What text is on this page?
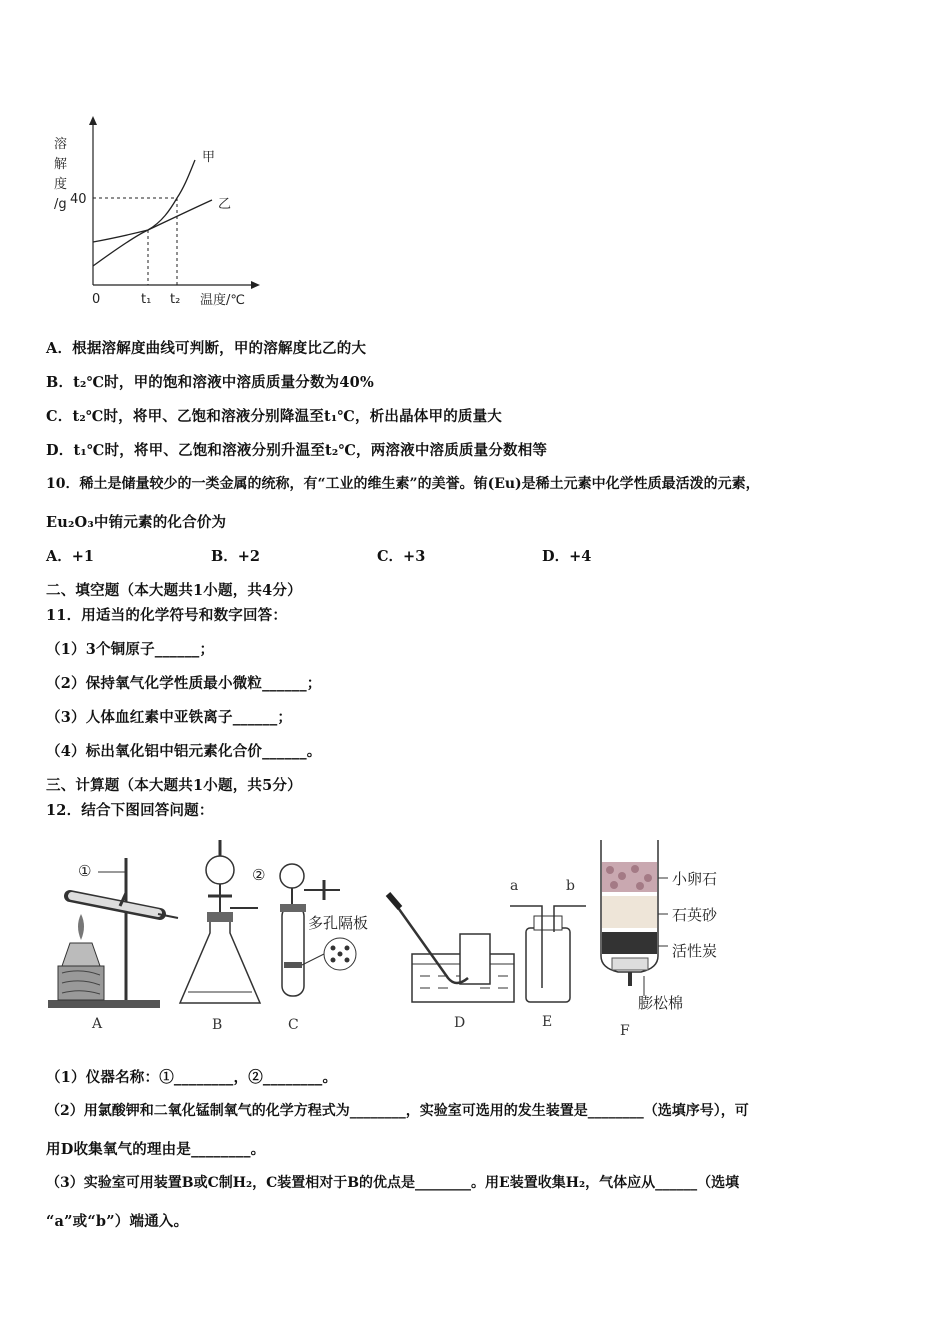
溶
解
度
/g 40
0	t₁ t₂ 温度/℃
甲
乙
A．根据溶解度曲线可判断，甲的溶解度比乙的大
B．t₂℃时，甲的饱和溶液中溶质质量分数为40%
C．t₂℃时，将甲、乙饱和溶液分别降温至t₁℃，析出晶体甲的质量大
D．t₁℃时，将甲、乙饱和溶液分别升温至t₂℃，两溶液中溶质质量分数相等
10．稀土是储量较少的一类金属的统称，有“工业的维生素”的美誉。铕(Eu)是稀土元素中化学性质最活泼的元素，
Eu₂O₃中铕元素的化合价为
A．+1	B．+2	C．+3	D．+4
二、填空题（本大题共1小题，共4分）
11．用适当的化学符号和数字回答：
（1）3个铜原子______；
（2）保持氧气化学性质最小微粒______；
（3）人体血红素中亚铁离子______；
（4）标出氧化铝中铝元素化合价______。
三、计算题（本大题共1小题，共5分）
12．结合下图回答问题：
①
A	B
多孔隔板
②
C	D
a	b
E
小卵石
石英砂
活性炭
膨松棉
F
（1）仪器名称：①________，②________。
（2）用氯酸钾和二氧化锰制氧气的化学方程式为________，实验室可选用的发生装置是________（选填序号），可
用D收集氧气的理由是________。
（3）实验室可用装置B或C制H₂，C装置相对于B的优点是________。用E装置收集H₂，气体应从______（选填
“a”或“b”）端通入。
